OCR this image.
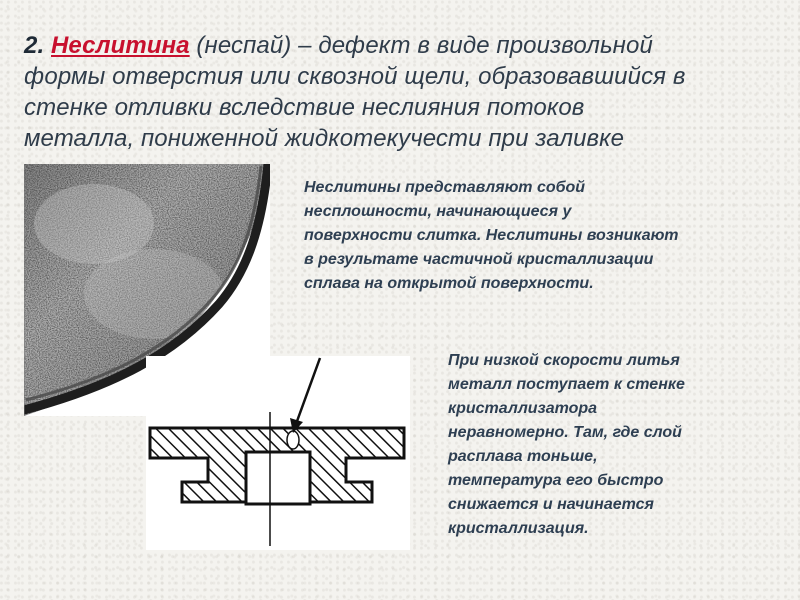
2. Неслитина (неспай) – дефект в виде произвольной
формы отверстия или сквозной щели, образовавшийся в
стенке отливки вследствие неслияния потоков
металла, пониженной жидкотекучести при заливке

Неслитины представляют собой
несплошности, начинающиеся у
поверхности слитка. Неслитины возникают
в результате частичной кристаллизации
сплава на открытой поверхности.

При низкой скорости литья
металл поступает к стенке
кристаллизатора
неравномерно. Там, где слой
расплава тоньше,
температура его быстро
снижается и начинается
кристаллизация.
